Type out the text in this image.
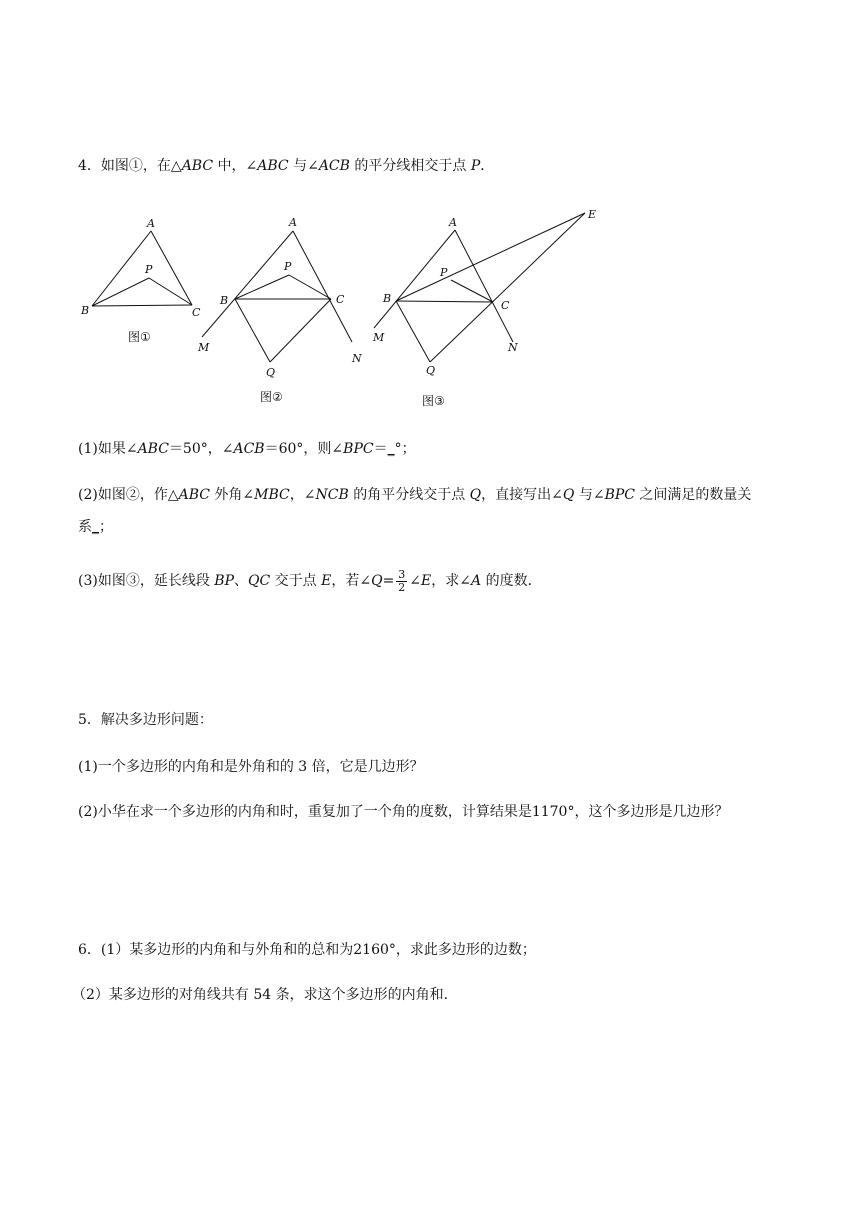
4．如图①，在△ABC 中，∠ABC 与∠ACB 的平分线相交于点 P．
A
P
B	C
图①
A
P
B	C
M
N
Q
图②
A
P
B
C
E
M
N
Q
图③
(1)如果∠ABC＝50°，∠ACB＝60°，则∠BPC＝_°；
(2)如图②，作△ABC 外角∠MBC，∠NCB 的角平分线交于点 Q，直接写出∠Q 与∠BPC 之间满足的数量关
系_；
(3)如图③，延长线段 BP、QC 交于点 E，若∠Q= $\frac{3}{2}$ ∠E，求∠A 的度数．
5．解决多边形问题：
(1)一个多边形的内角和是外角和的 3 倍，它是几边形？
(2)小华在求一个多边形的内角和时，重复加了一个角的度数，计算结果是1170°，这个多边形是几边形？
6．(1）某多边形的内角和与外角和的总和为2160°，求此多边形的边数；
（2）某多边形的对角线共有 54 条，求这个多边形的内角和．
